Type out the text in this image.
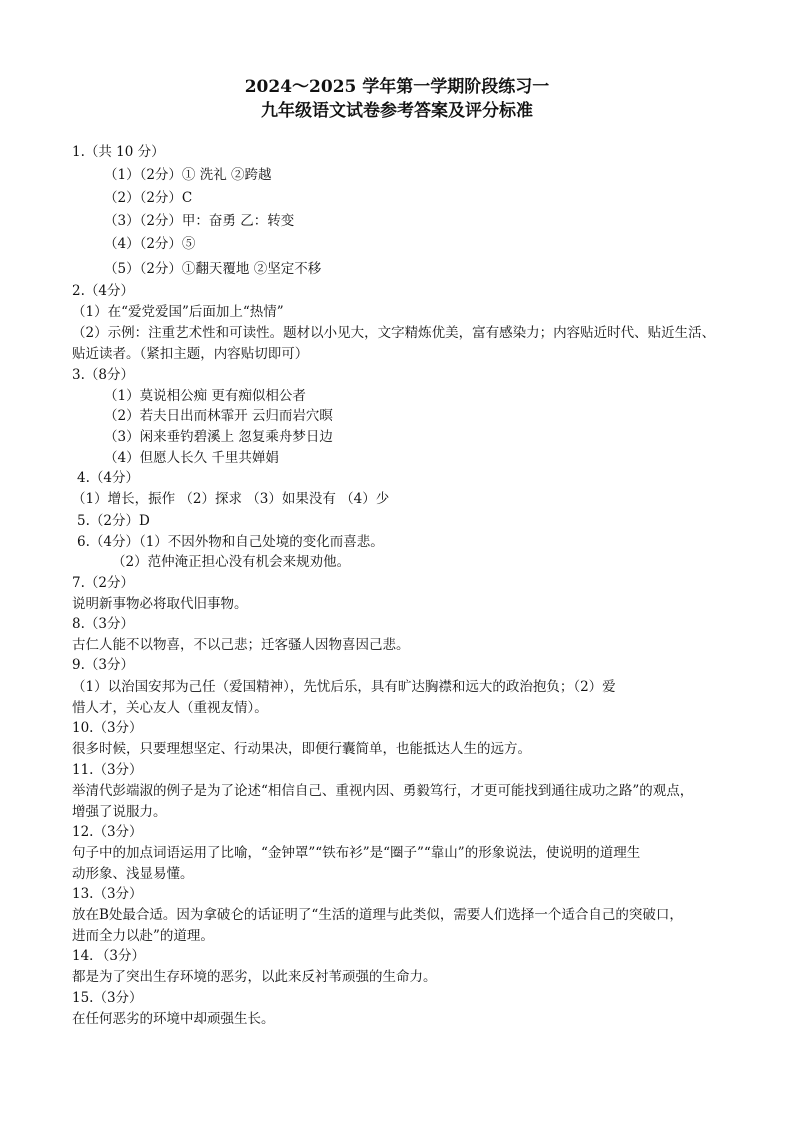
2024～2025 学年第一学期阶段练习一
九年级语文试卷参考答案及评分标准
1.（共 10 分）
（1）（2分）① 洗礼 ②跨越
（2）（2分）C
（3）（2分）甲：奋勇 乙：转变
（4）（2分）⑤
（5）（2分）①翻天覆地 ②坚定不移
2.（4分）
（1）在“爱党爱国”后面加上“热情”
（2）示例：注重艺术性和可读性。题材以小见大，文字精炼优美，富有感染力；内容贴近时代、贴近生活、
贴近读者。（紧扣主题，内容贴切即可）
3.（8分）
（1）莫说相公痴 更有痴似相公者
（2）若夫日出而林霏开 云归而岩穴暝
（3）闲来垂钓碧溪上 忽复乘舟梦日边
（4）但愿人长久 千里共婵娟
4.（4分）
（1）增长，振作 （2）探求 （3）如果没有 （4）少
5.（2分）D
6.（4分）（1）不因外物和自己处境的变化而喜悲。
（2）范仲淹正担心没有机会来规劝他。
7.（2分）
说明新事物必将取代旧事物。
8.（3分）
古仁人能不以物喜，不以己悲；迁客骚人因物喜因己悲。
9.（3分）
（1）以治国安邦为己任（爱国精神），先忧后乐，具有旷达胸襟和远大的政治抱负；（2）爱
惜人才，关心友人（重视友情）。
10.（3分）
很多时候，只要理想坚定、行动果决，即便行囊简单，也能抵达人生的远方。
11.（3分）
举清代彭端淑的例子是为了论述“相信自己、重视内因、勇毅笃行，才更可能找到通往成功之路”的观点，
增强了说服力。
12.（3分）
句子中的加点词语运用了比喻，“金钟罩”“铁布衫”是“圈子”“靠山”的形象说法，使说明的道理生
动形象、浅显易懂。
13.（3分）
放在B处最合适。因为拿破仑的话证明了“生活的道理与此类似，需要人们选择一个适合自己的突破口，
进而全力以赴”的道理。
14．（3分）
都是为了突出生存环境的恶劣，以此来反衬苇顽强的生命力。
15.（3分）
在任何恶劣的环境中却顽强生长。
